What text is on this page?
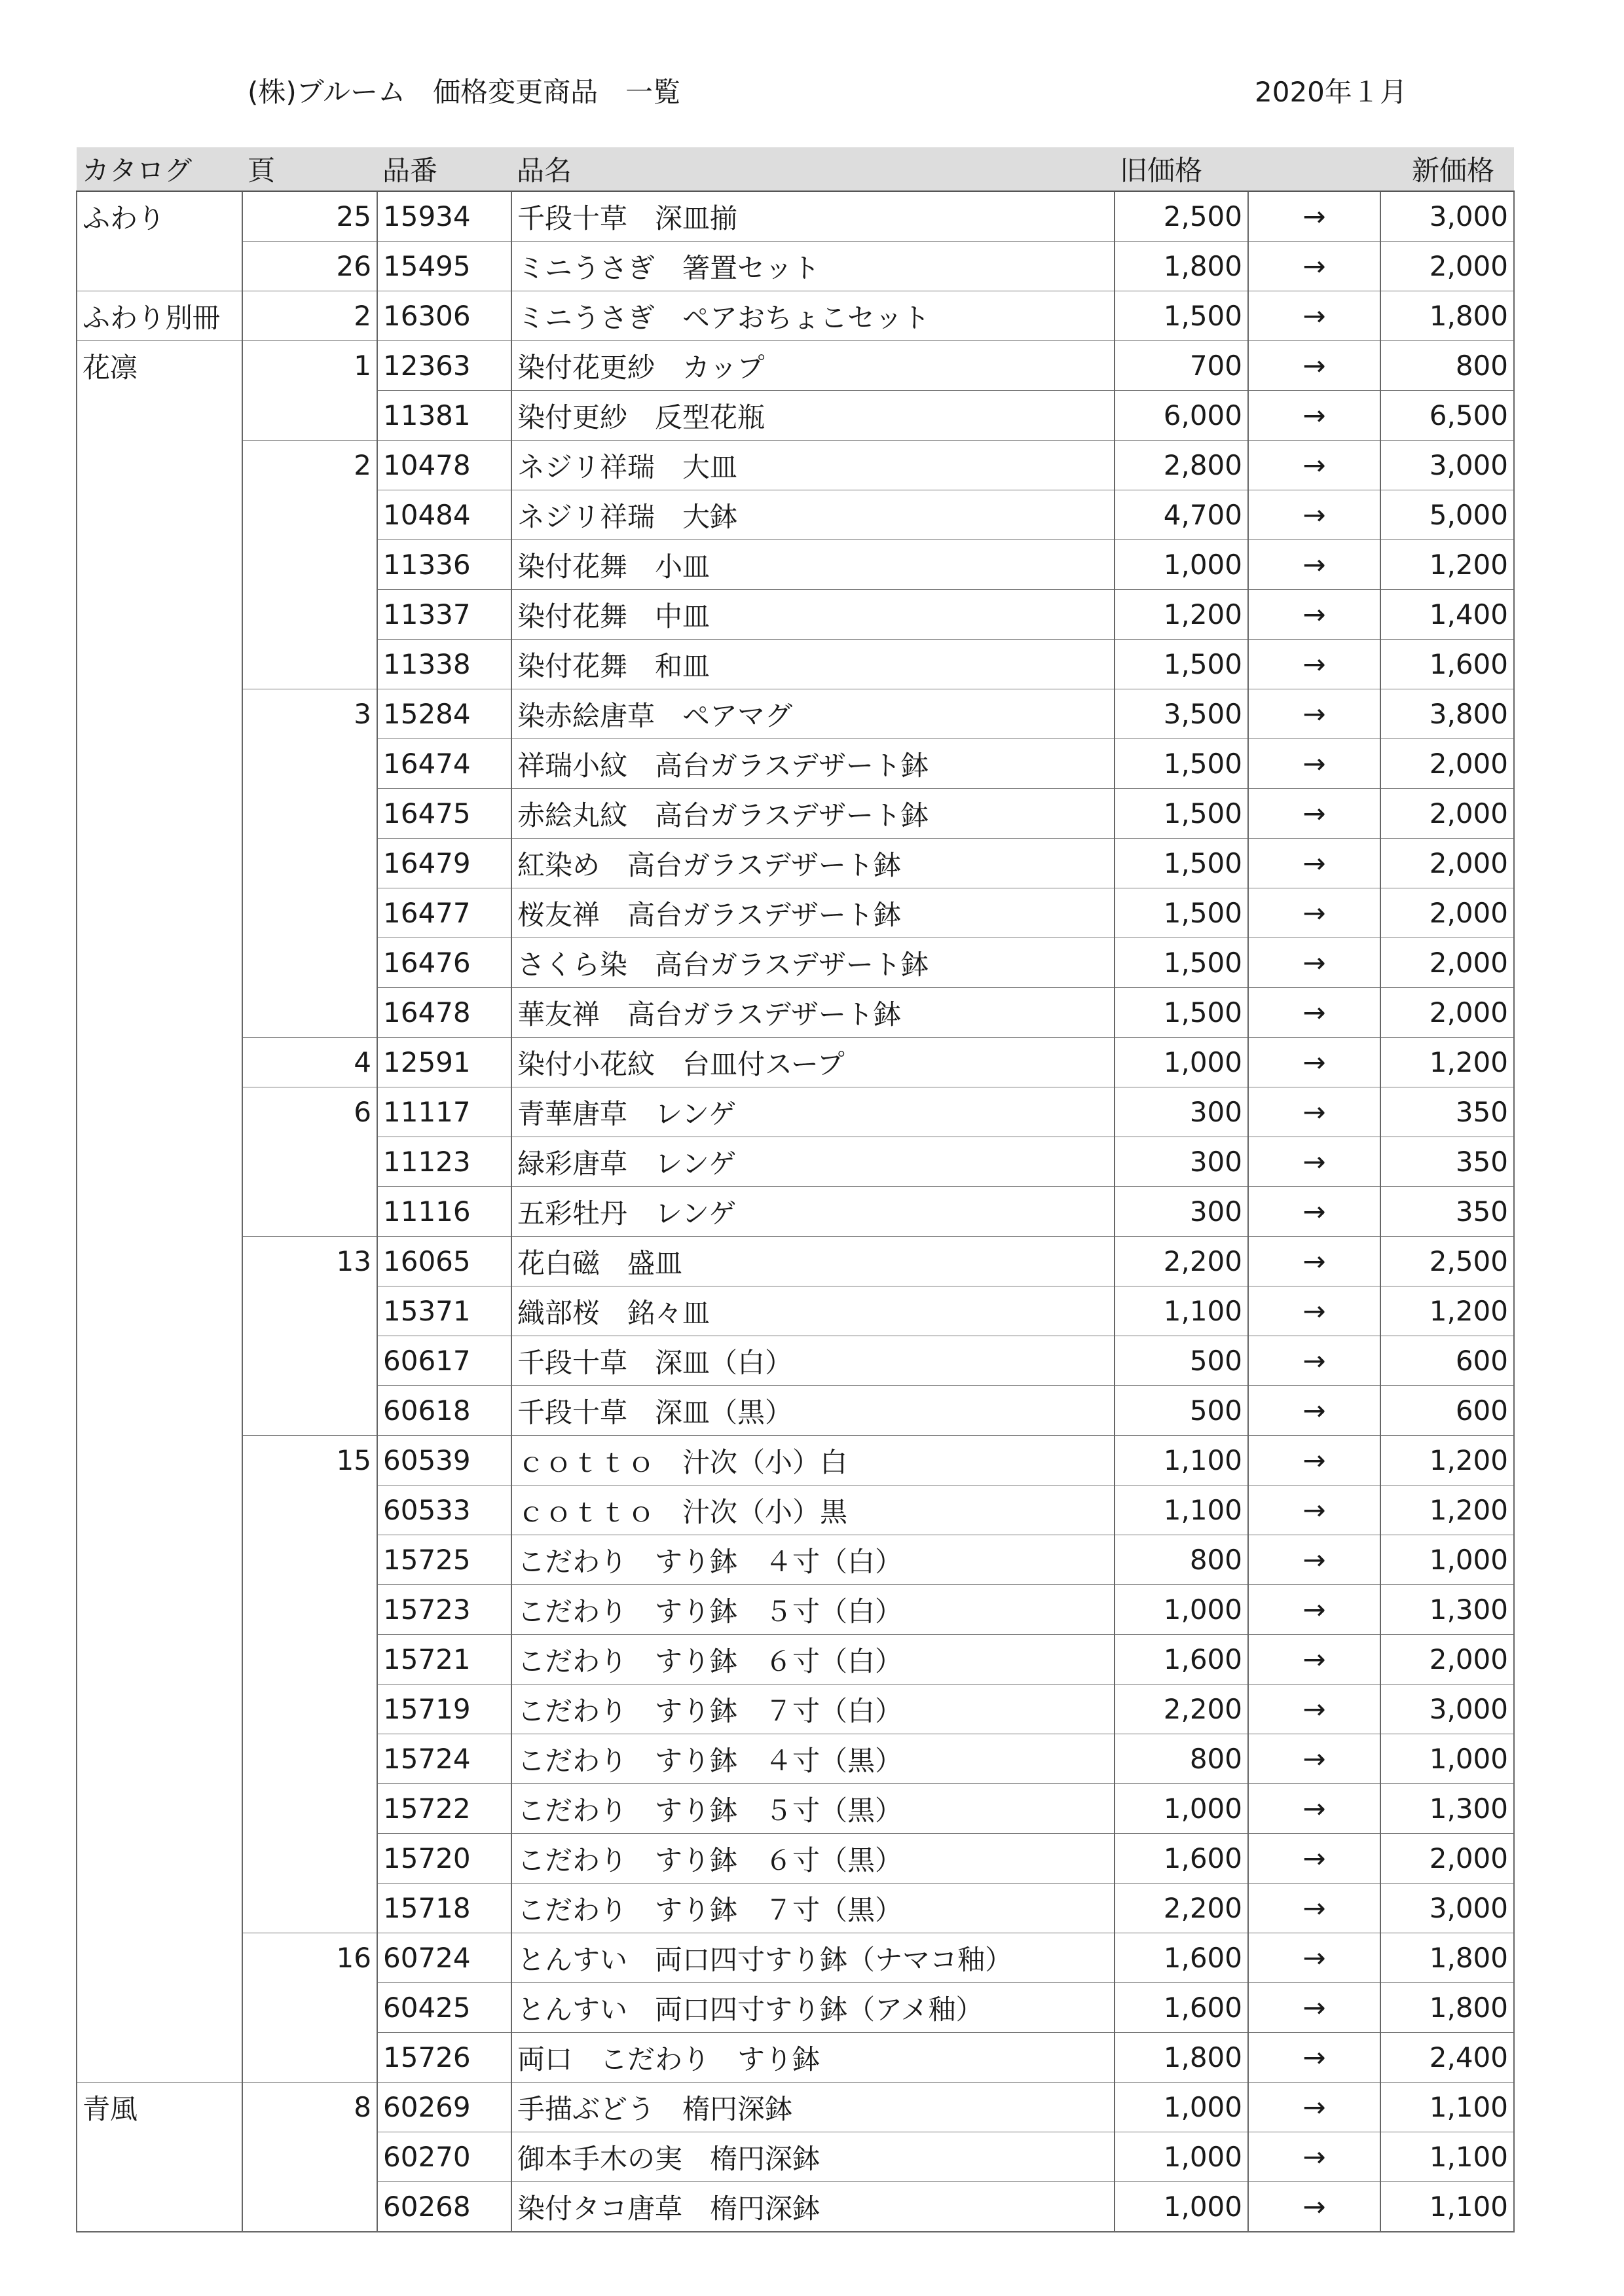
(株)ブルーム　価格変更商品　一覧	2020年１月
カタログ	頁	品番	品名	旧価格		新価格
ふわり	25	15934	千段十草　深皿揃	2,500	→	3,000
	26	15495	ミニうさぎ　箸置セット	1,800	→	2,000
ふわり別冊	2	16306	ミニうさぎ　ペアおちょこセット	1,500	→	1,800
花凛	1	12363	染付花更紗　カップ	700	→	800
		11381	染付更紗　反型花瓶	6,000	→	6,500
	2	10478	ネジリ祥瑞　大皿	2,800	→	3,000
		10484	ネジリ祥瑞　大鉢	4,700	→	5,000
		11336	染付花舞　小皿	1,000	→	1,200
		11337	染付花舞　中皿	1,200	→	1,400
		11338	染付花舞　和皿	1,500	→	1,600
	3	15284	染赤絵唐草　ペアマグ	3,500	→	3,800
		16474	祥瑞小紋　高台ガラスデザート鉢	1,500	→	2,000
		16475	赤絵丸紋　高台ガラスデザート鉢	1,500	→	2,000
		16479	紅染め　高台ガラスデザート鉢	1,500	→	2,000
		16477	桜友禅　高台ガラスデザート鉢	1,500	→	2,000
		16476	さくら染　高台ガラスデザート鉢	1,500	→	2,000
		16478	華友禅　高台ガラスデザート鉢	1,500	→	2,000
	4	12591	染付小花紋　台皿付スープ	1,000	→	1,200
	6	11117	青華唐草　レンゲ	300	→	350
		11123	緑彩唐草　レンゲ	300	→	350
		11116	五彩牡丹　レンゲ	300	→	350
	13	16065	花白磁　盛皿	2,200	→	2,500
		15371	織部桜　銘々皿	1,100	→	1,200
		60617	千段十草　深皿（白）	500	→	600
		60618	千段十草　深皿（黒）	500	→	600
	15	60539	ｃｏｔｔｏ　汁次（小）白	1,100	→	1,200
		60533	ｃｏｔｔｏ　汁次（小）黒	1,100	→	1,200
		15725	こだわり　すり鉢　４寸（白）	800	→	1,000
		15723	こだわり　すり鉢　５寸（白）	1,000	→	1,300
		15721	こだわり　すり鉢　６寸（白）	1,600	→	2,000
		15719	こだわり　すり鉢　７寸（白）	2,200	→	3,000
		15724	こだわり　すり鉢　４寸（黒）	800	→	1,000
		15722	こだわり　すり鉢　５寸（黒）	1,000	→	1,300
		15720	こだわり　すり鉢　６寸（黒）	1,600	→	2,000
		15718	こだわり　すり鉢　７寸（黒）	2,200	→	3,000
	16	60724	とんすい　両口四寸すり鉢（ナマコ釉）	1,600	→	1,800
		60425	とんすい　両口四寸すり鉢（アメ釉）	1,600	→	1,800
		15726	両口　こだわり　すり鉢	1,800	→	2,400
青風	8	60269	手描ぶどう　楕円深鉢	1,000	→	1,100
		60270	御本手木の実　楕円深鉢	1,000	→	1,100
		60268	染付タコ唐草　楕円深鉢	1,000	→	1,100
